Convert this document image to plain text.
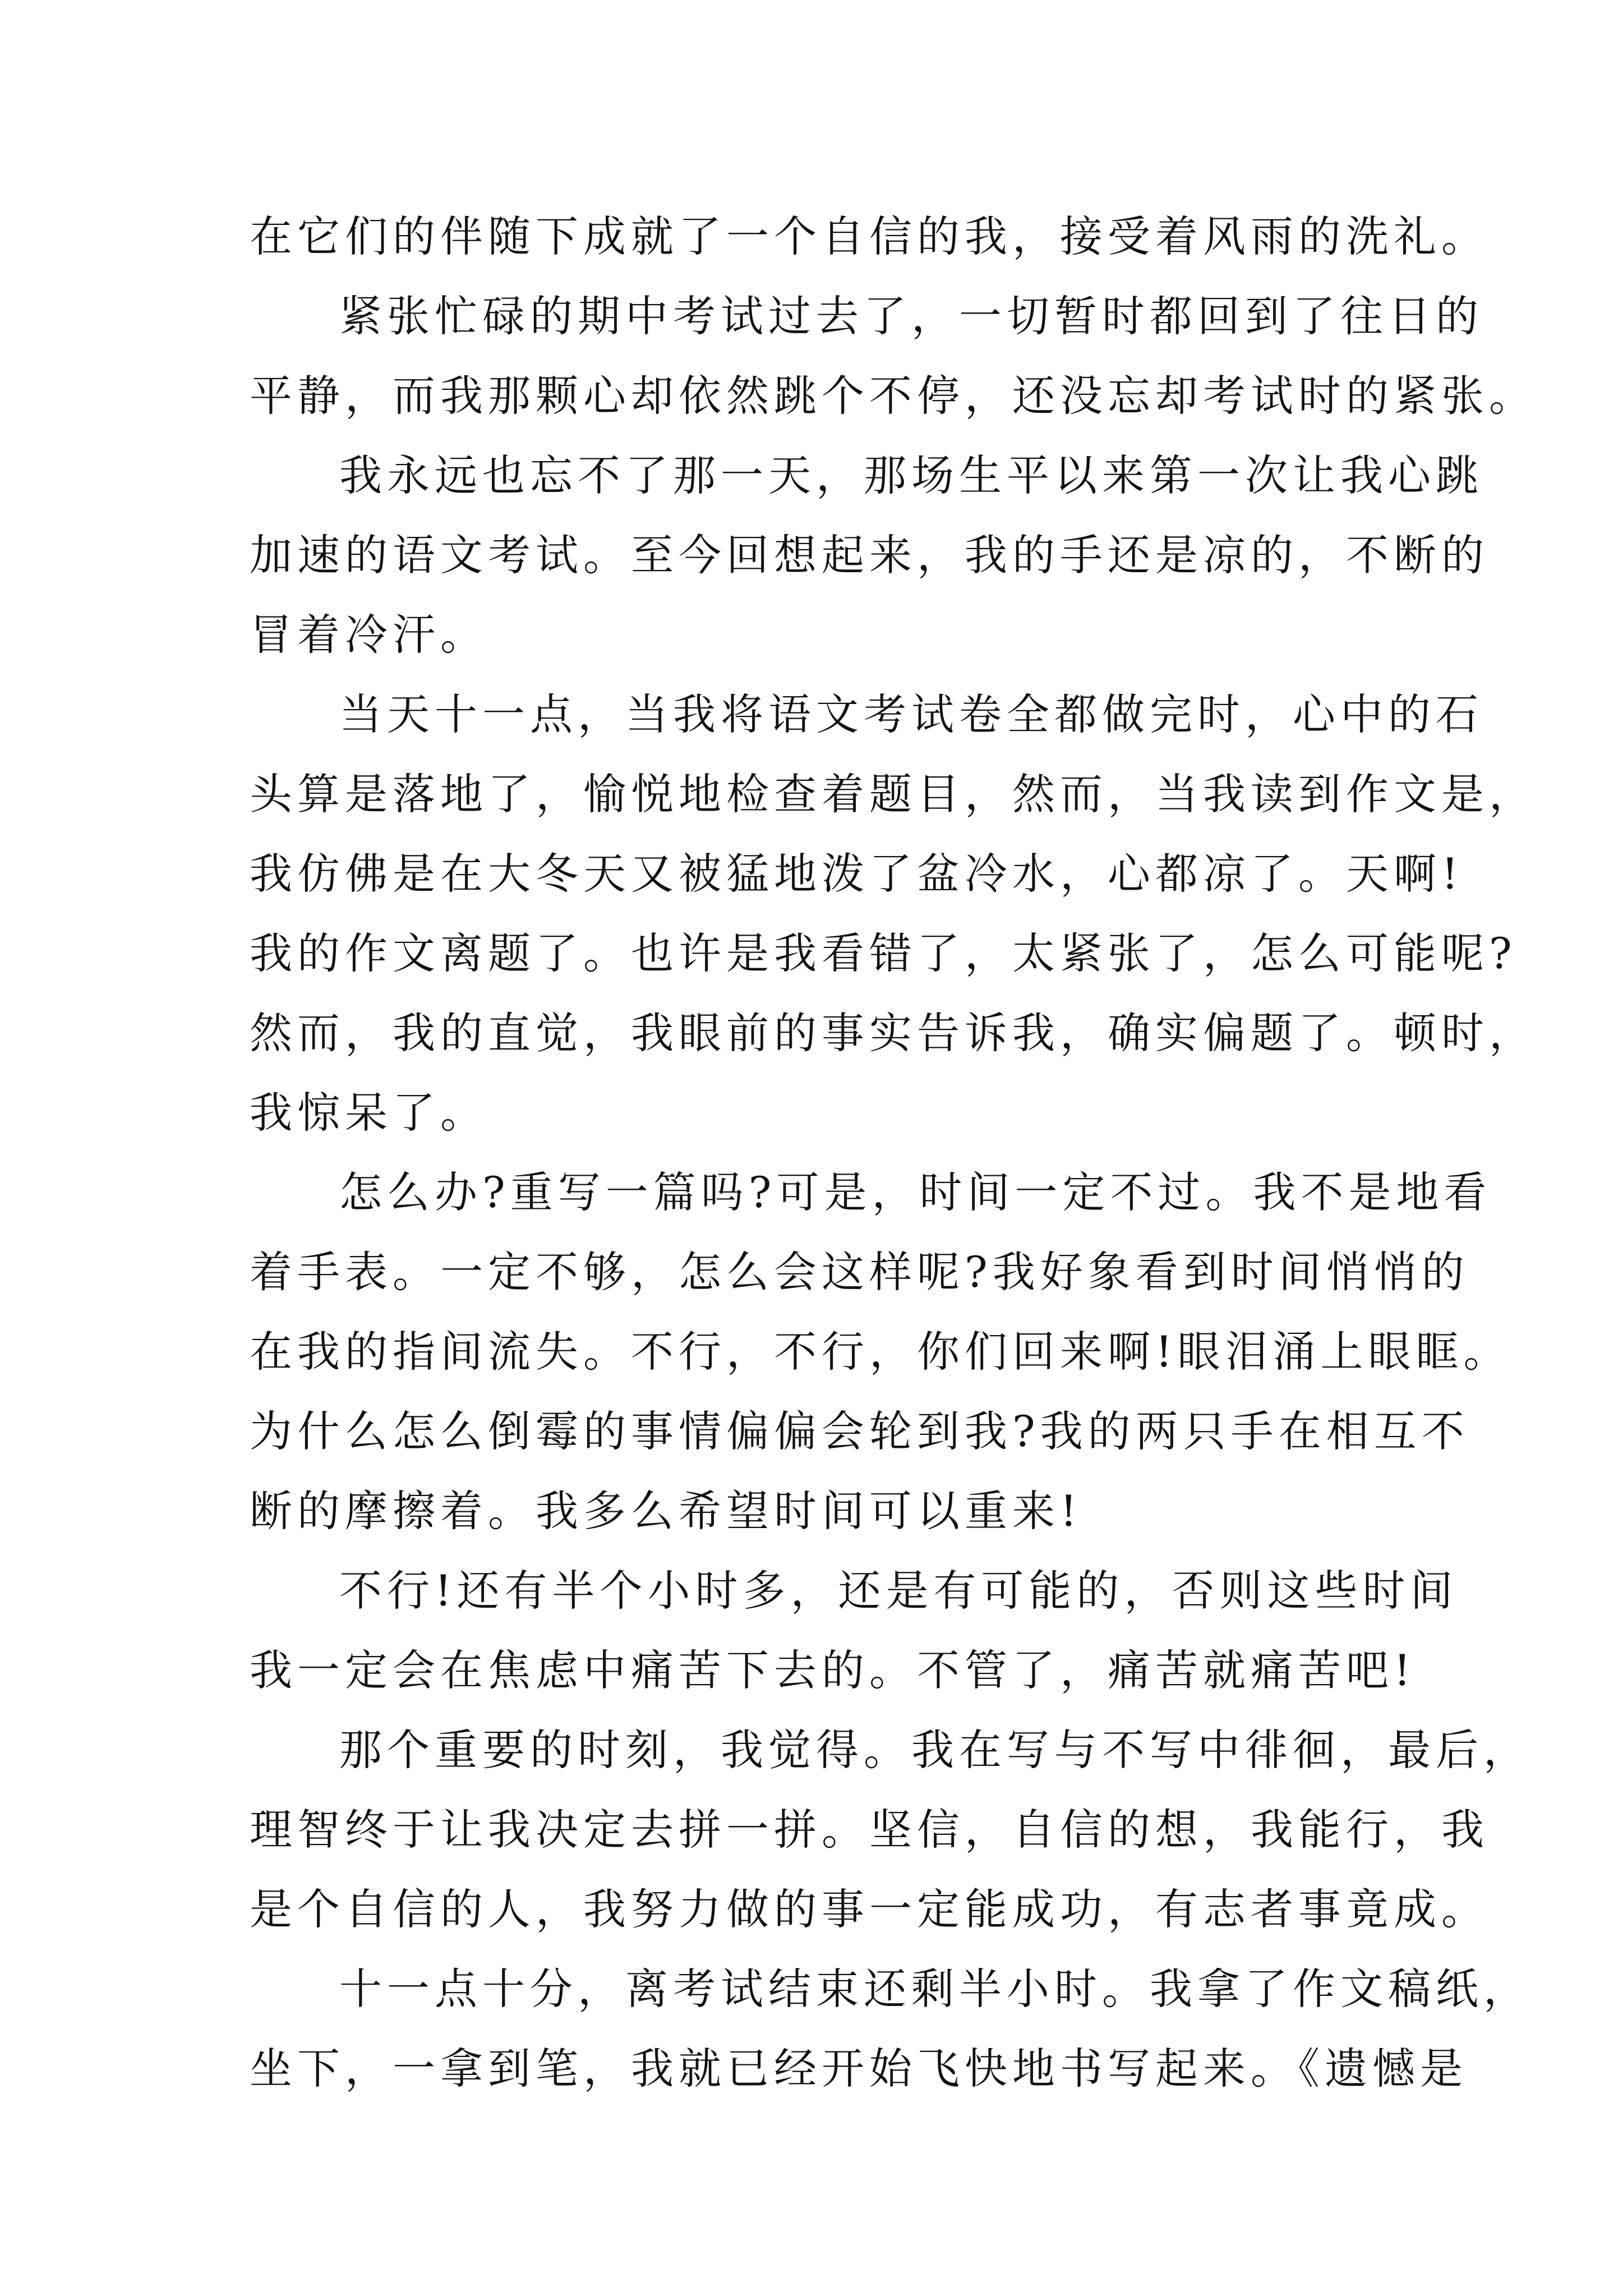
在它们的伴随下成就了一个自信的我，接受着风雨的洗礼。
紧张忙碌的期中考试过去了，一切暂时都回到了往日的
平静，而我那颗心却依然跳个不停，还没忘却考试时的紧张。
我永远也忘不了那一天，那场生平以来第一次让我心跳
加速的语文考试。至今回想起来，我的手还是凉的，不断的
冒着冷汗。
当天十一点，当我将语文考试卷全都做完时，心中的石
头算是落地了，愉悦地检查着题目，然而，当我读到作文是，
我仿佛是在大冬天又被猛地泼了盆冷水，心都凉了。天啊!
我的作文离题了。也许是我看错了，太紧张了，怎么可能呢?
然而，我的直觉，我眼前的事实告诉我，确实偏题了。顿时，
我惊呆了。
怎么办?重写一篇吗?可是，时间一定不过。我不是地看
着手表。一定不够，怎么会这样呢?我好象看到时间悄悄的
在我的指间流失。不行，不行，你们回来啊!眼泪涌上眼眶。
为什么怎么倒霉的事情偏偏会轮到我?我的两只手在相互不
断的摩擦着。我多么希望时间可以重来!
不行!还有半个小时多，还是有可能的，否则这些时间
我一定会在焦虑中痛苦下去的。不管了，痛苦就痛苦吧!
那个重要的时刻，我觉得。我在写与不写中徘徊，最后，
理智终于让我决定去拼一拼。坚信，自信的想，我能行，我
是个自信的人，我努力做的事一定能成功，有志者事竟成。
十一点十分，离考试结束还剩半小时。我拿了作文稿纸，
坐下，一拿到笔，我就已经开始飞快地书写起来。《遗憾是
